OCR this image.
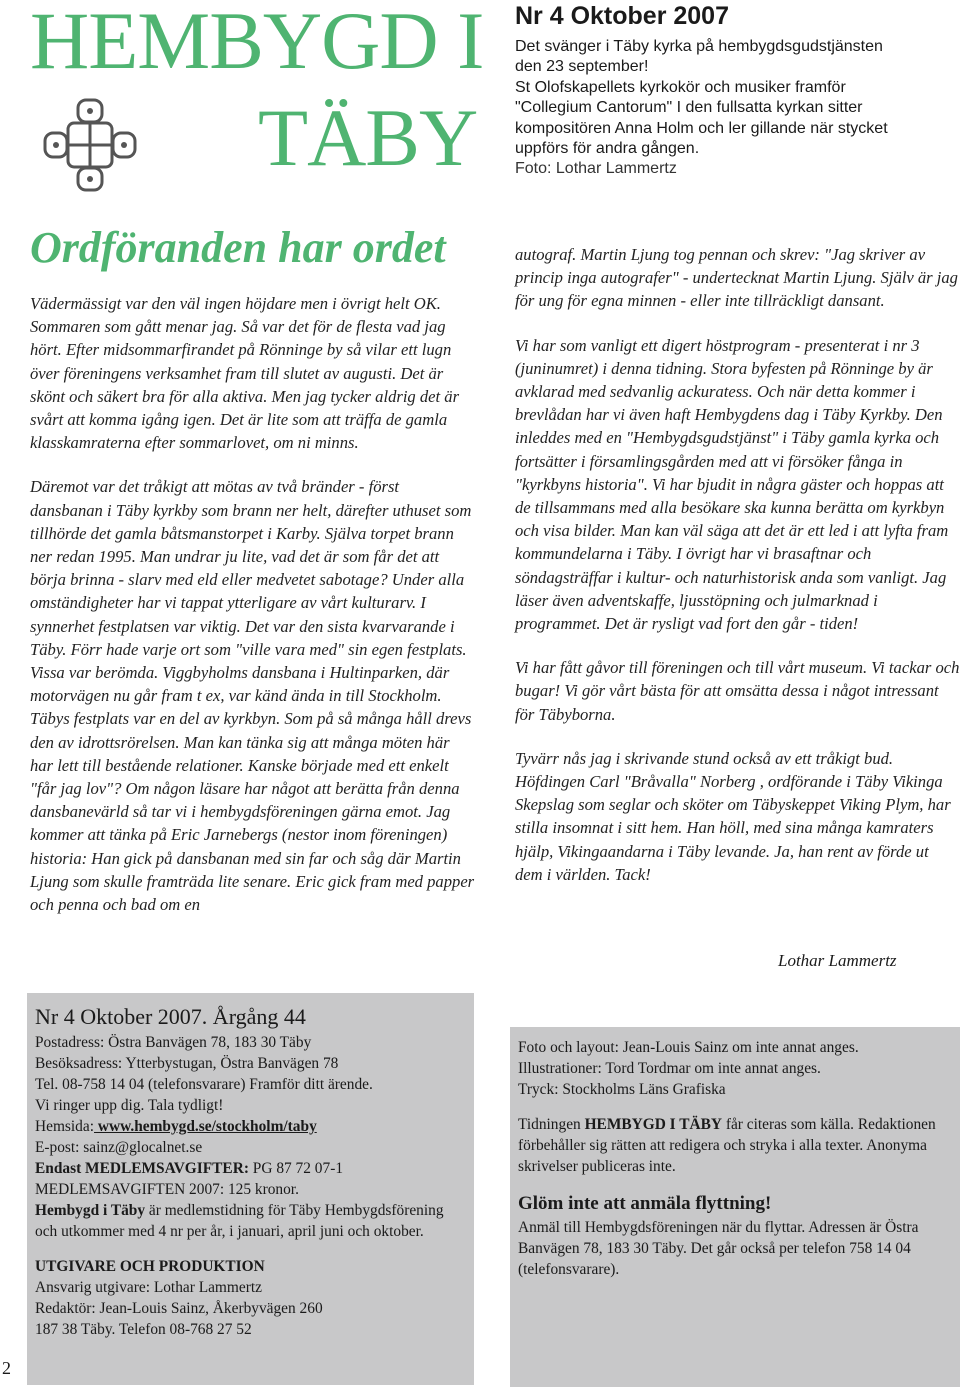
HEMBYGD I
TÄBY
Nr 4 Oktober 2007
Det svänger i Täby kyrka på hembygdsgudstjänsten
den 23 september!
St Olofskapellets kyrkokör och musiker framför
"Collegium Cantorum" I den fullsatta kyrkan sitter
kompositören Anna Holm och ler gillande när stycket
uppförs för andra gången.
Foto: Lothar Lammertz
Ordföranden har ordet

Vädermässigt var den väl ingen höjdare men i övrigt helt OK. Sommaren som gått menar jag. Så var det för de flesta vad jag hört. Efter midsommarfirandet på Rönninge by så vilar ett lugn över föreningens verksamhet fram till slutet av augusti. Det är skönt och säkert bra för alla aktiva. Men jag tycker aldrig det är svårt att komma igång igen. Det är lite som att träffa de gamla klasskamraterna efter sommarlovet, om ni minns.

Däremot var det tråkigt att mötas av två bränder - först dansbanan i Täby kyrkby som brann ner helt, därefter uthuset som tillhörde det gamla båtsmanstorpet i Karby. Själva torpet brann ner redan 1995. Man undrar ju lite, vad det är som får det att börja brinna - slarv med eld eller medvetet sabotage? Under alla omständigheter har vi tappat ytterligare av vårt kulturarv. I synnerhet festplatsen var viktig. Det var den sista kvarvarande i Täby. Förr hade varje ort som "ville vara med" sin egen festplats. Vissa var berömda. Viggbyholms dansbana i Hultinparken, där motorvägen nu går fram t ex, var känd ända in till Stockholm. Täbys festplats var en del av kyrkbyn. Som på så många håll drevs den av idrottsrörelsen. Man kan tänka sig att många möten här har lett till bestående relationer. Kanske började med ett enkelt "får jag lov"? Om någon läsare har något att berätta från denna dansbanevärld så tar vi i hembygdsföreningen gärna emot. Jag kommer att tänka på Eric Jarnebergs (nestor inom föreningen) historia: Han gick på dansbanan med sin far och såg där Martin Ljung som skulle framträda lite senare. Eric gick fram med papper och penna och bad om en

autograf. Martin Ljung tog pennan och skrev: "Jag skriver av princip inga autografer" - undertecknat Martin Ljung. Själv är jag för ung för egna minnen - eller inte tillräckligt dansant.

Vi har som vanligt ett digert höstprogram - presenterat i nr 3 (juninumret) i denna tidning. Stora byfesten på Rönninge by är avklarad med sedvanlig ackuratess. Och när detta kommer i brevlådan har vi även haft Hembygdens dag i Täby Kyrkby. Den inleddes med en "Hembygdsgudstjänst" i Täby gamla kyrka och fortsätter i församlingsgården med att vi försöker fånga in "kyrkbyns historia". Vi har bjudit in några gäster och hoppas att de tillsammans med alla besökare ska kunna berätta om kyrkbyn och visa bilder. Man kan väl säga att det är ett led i att lyfta fram kommundelarna i Täby. I övrigt har vi brasaftnar och söndagsträffar i kultur- och naturhistorisk anda som vanligt. Jag läser även adventskaffe, ljusstöpning och julmarknad i programmet. Det är rysligt vad fort den går - tiden!

Vi har fått gåvor till föreningen och till vårt museum. Vi tackar och bugar! Vi gör vårt bästa för att omsätta dessa i något intressant för Täbyborna.

Tyvärr nås jag i skrivande stund också av ett tråkigt bud. Höfdingen Carl "Bråvalla" Norberg , ordförande i Täby Vikinga Skepslag som seglar och sköter om Täbyskeppet Viking Plym, har stilla insomnat i sitt hem. Han höll, med sina många kamraters hjälp, Vikingaandarna i Täby levande. Ja, han rent av förde ut dem i världen. Tack!

Lothar Lammertz
Nr 4 Oktober 2007. Årgång 44
Postadress: Östra Banvägen 78, 183 30 Täby
Besöksadress: Ytterbystugan, Östra Banvägen 78
Tel. 08-758 14 04 (telefonsvarare) Framför ditt ärende.
Vi ringer upp dig. Tala tydligt!
Hemsida: www.hembygd.se/stockholm/taby
E-post: sainz@glocalnet.se
Endast MEDLEMSAVGIFTER: PG 87 72 07-1
MEDLEMSAVGIFTEN 2007: 125 kronor.
Hembygd i Täby är medlemstidning för Täby Hembygdsförening och utkommer med 4 nr per år, i januari, april juni och oktober.
UTGIVARE OCH PRODUKTION
Ansvarig utgivare: Lothar Lammertz
Redaktör: Jean-Louis Sainz, Åkerbyvägen 260
187 38 Täby. Telefon 08-768 27 52
Foto och layout: Jean-Louis Sainz om inte annat anges.
Illustrationer: Tord Tordmar om inte annat anges.
Tryck: Stockholms Läns Grafiska
Tidningen HEMBYGD I TÄBY får citeras som källa. Redaktionen förbehåller sig rätten att redigera och stryka i alla texter. Anonyma skrivelser publiceras inte.
Glöm inte att anmäla flyttning!
Anmäl till Hembygdsföreningen när du flyttar. Adressen är Östra Banvägen 78, 183 30 Täby. Det går också per telefon 758 14 04 (telefonsvarare).
2
